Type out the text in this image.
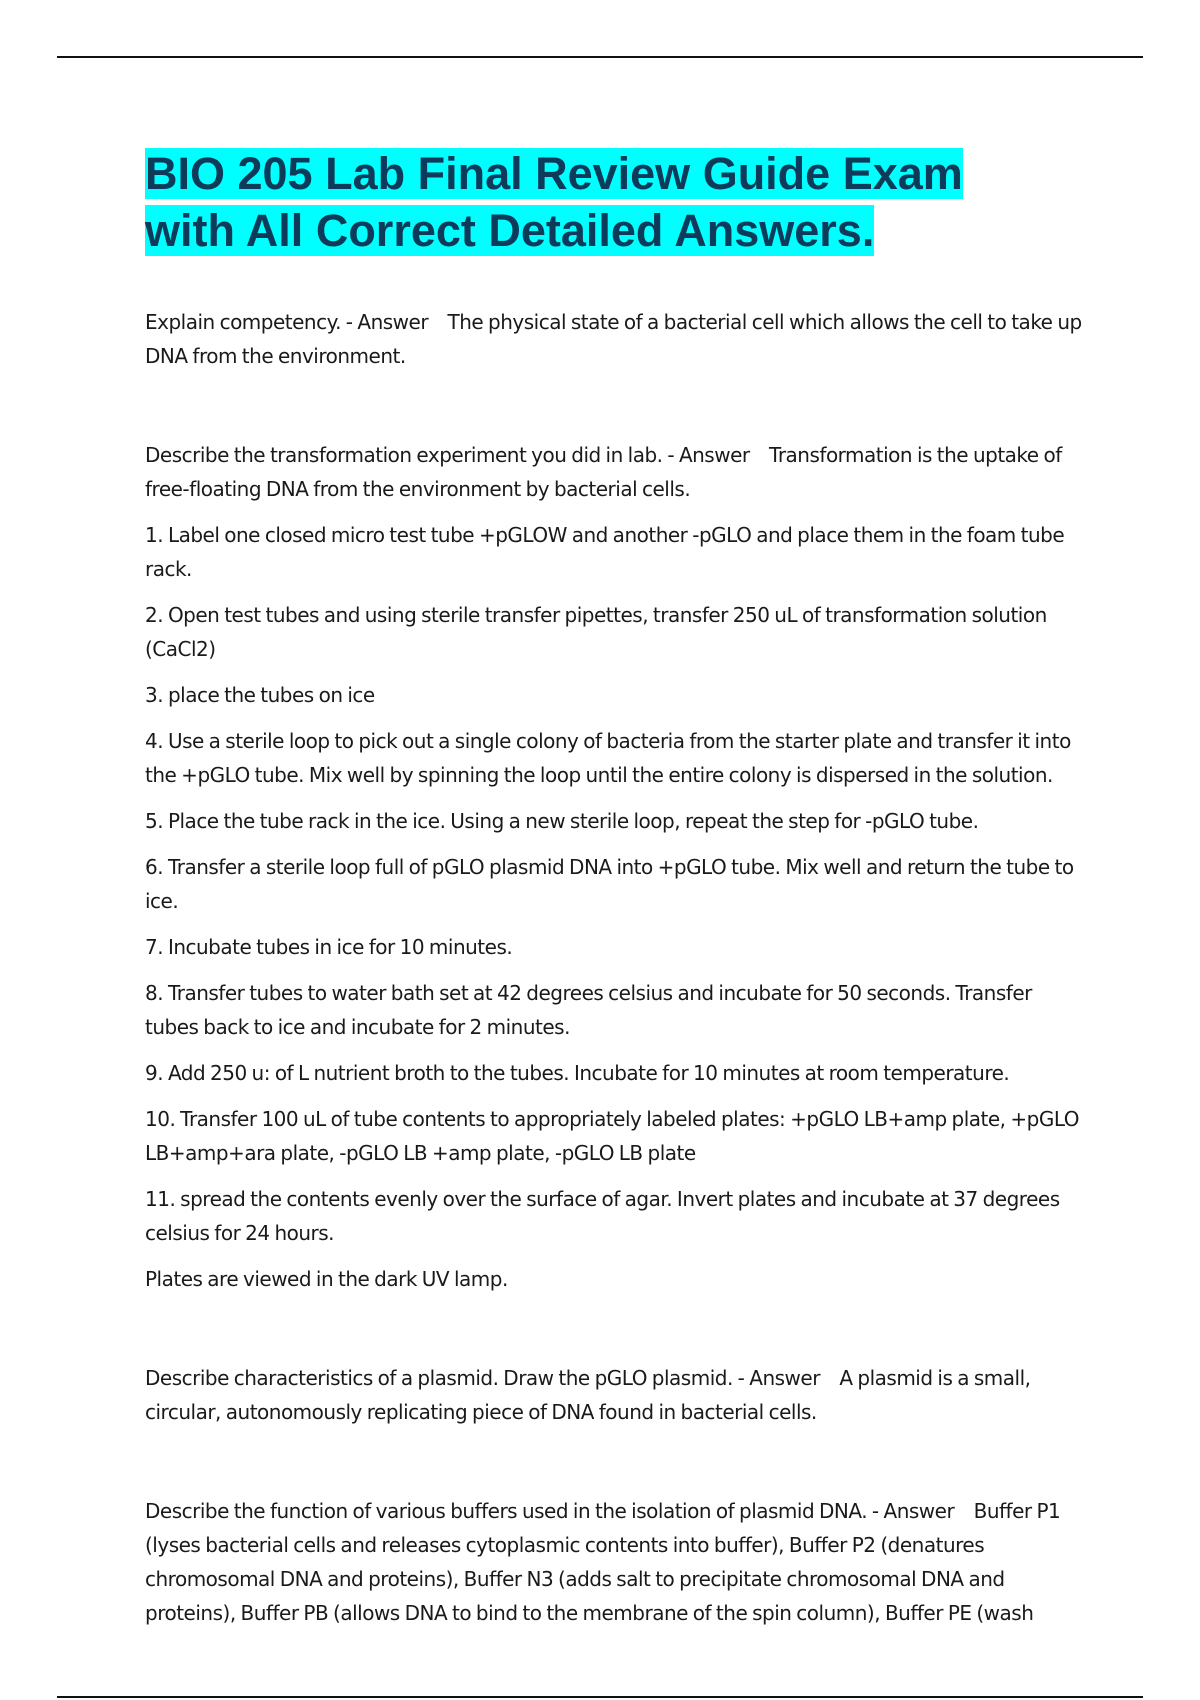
BIO 205 Lab Final Review Guide Exam
with All Correct Detailed Answers.

Explain competency. - Answer    The physical state of a bacterial cell which allows the cell to take up DNA from the environment.

Describe the transformation experiment you did in lab. - Answer    Transformation is the uptake of free-floating DNA from the environment by bacterial cells.

1. Label one closed micro test tube +pGLOW and another -pGLO and place them in the foam tube rack.

2. Open test tubes and using sterile transfer pipettes, transfer 250 uL of transformation solution (CaCl2)

3. place the tubes on ice

4. Use a sterile loop to pick out a single colony of bacteria from the starter plate and transfer it into the +pGLO tube. Mix well by spinning the loop until the entire colony is dispersed in the solution.

5. Place the tube rack in the ice. Using a new sterile loop, repeat the step for -pGLO tube.

6. Transfer a sterile loop full of pGLO plasmid DNA into +pGLO tube. Mix well and return the tube to ice.

7. Incubate tubes in ice for 10 minutes.

8. Transfer tubes to water bath set at 42 degrees celsius and incubate for 50 seconds. Transfer tubes back to ice and incubate for 2 minutes.

9. Add 250 u: of L nutrient broth to the tubes. Incubate for 10 minutes at room temperature.

10. Transfer 100 uL of tube contents to appropriately labeled plates: +pGLO LB+amp plate, +pGLO LB+amp+ara plate, -pGLO LB +amp plate, -pGLO LB plate

11. spread the contents evenly over the surface of agar. Invert plates and incubate at 37 degrees celsius for 24 hours.

Plates are viewed in the dark UV lamp.

Describe characteristics of a plasmid. Draw the pGLO plasmid. - Answer    A plasmid is a small, circular, autonomously replicating piece of DNA found in bacterial cells.

Describe the function of various buffers used in the isolation of plasmid DNA. - Answer    Buffer P1 (lyses bacterial cells and releases cytoplasmic contents into buffer), Buffer P2 (denatures chromosomal DNA and proteins), Buffer N3 (adds salt to precipitate chromosomal DNA and proteins), Buffer PB (allows DNA to bind to the membrane of the spin column), Buffer PE (wash
